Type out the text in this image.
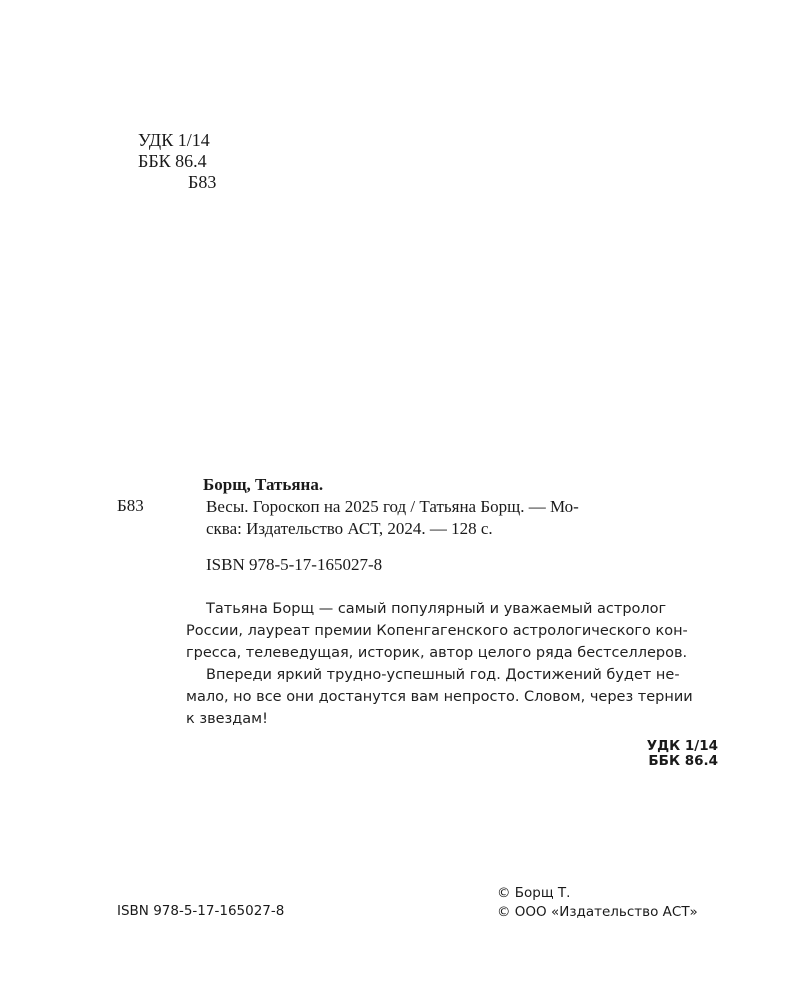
УДК 1/14
ББК 86.4
Б83
Борщ, Татьяна.
Б83	Весы. Гороскоп на 2025 год / Татьяна Борщ. — Мо-
сква: Издательство АСТ, 2024. — 128 с.
ISBN 978-5-17-165027-8
Татьяна Борщ — самый популярный и уважаемый астролог
России, лауреат премии Копенгагенского астрологического кон-
гресса, телеведущая, историк, автор целого ряда бестселлеров.
Впереди яркий трудно-успешный год. Достижений будет не-
мало, но все они достанутся вам непросто. Словом, через тернии
к звездам!
УДК 1/14
ББК 86.4
ISBN 978-5-17-165027-8
© Борщ Т.
© ООО «Издательство АСТ»
